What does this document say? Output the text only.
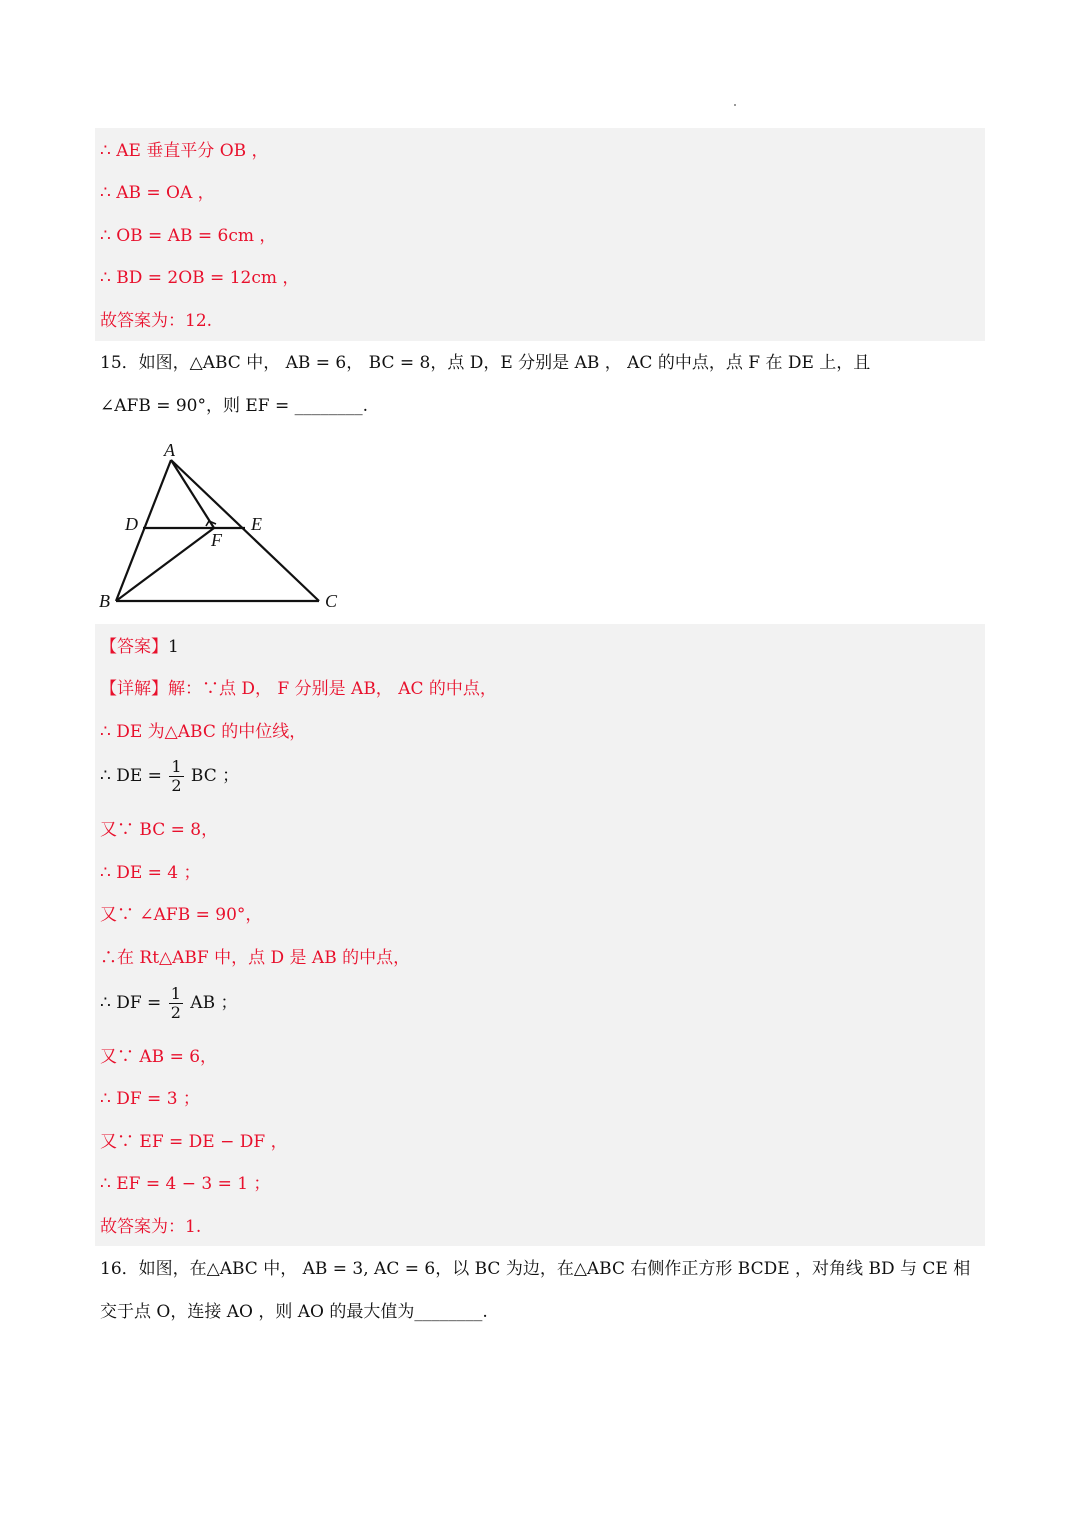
∴ AE 垂直平分 OB ，
∴ AB = OA ，
∴ OB = AB = 6cm ，
∴ BD = 2OB = 12cm ，
故答案为：12.
15．如图，△ABC 中， AB = 6， BC = 8，点 D，E 分别是 AB ， AC 的中点，点 F 在 DE 上，且
∠AFB = 90°，则 EF = ________.
A
B	C
D	E
F
【答案】1
【详解】解：∵点 D， F 分别是 AB， AC 的中点，
∴ DE 为△ABC 的中位线，
∴ DE = $\frac{1}{2}$ BC ；
又∵ BC = 8，
∴ DE = 4 ；
又∵ ∠AFB = 90°，
∴在 Rt△ABF 中，点 D 是 AB 的中点，
∴ DF = $\frac{1}{2}$ AB ；
又∵ AB = 6，
∴ DF = 3 ；
又∵ EF = DE − DF ，
∴ EF = 4 − 3 = 1 ；
故答案为：1.
16．如图，在△ABC 中， AB = 3, AC = 6，以 BC 为边，在△ABC 右侧作正方形 BCDE ，对角线 BD 与 CE 相
交于点 O，连接 AO ，则 AO 的最大值为________.
